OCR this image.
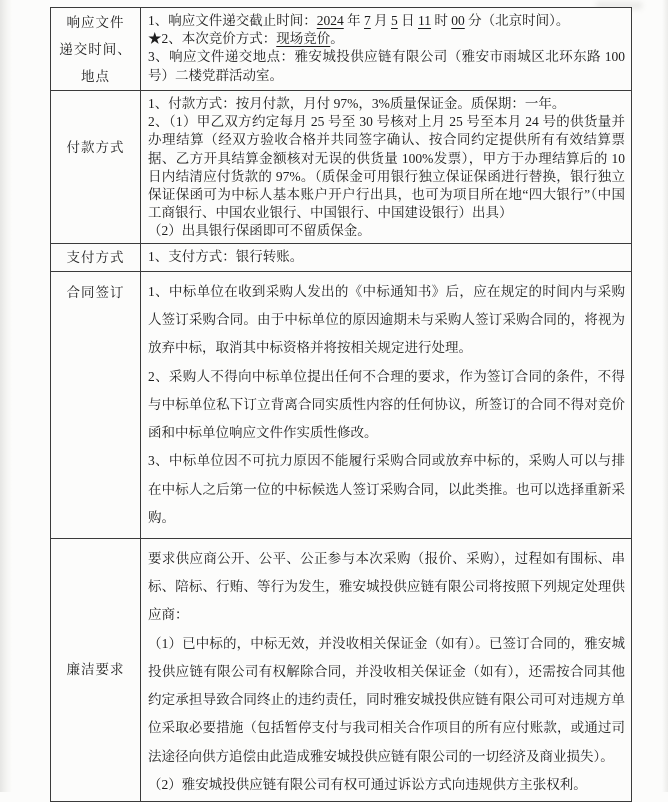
响应文件
递交时间、
地点

1、响应文件递交截止时间：2024 年 7 月 5 日 11 时 00 分（北京时间）。

★2、本次竞价方式：现场竞价。

3、响应文件递交地点：雅安城投供应链有限公司（雅安市雨城区北环东路 100 号）二楼党群活动室。

付款方式

1、付款方式：按月付款，月付 97%，3%质量保证金。质保期：一年。

2、（1）甲乙双方约定每月 25 号至 30 号核对上月 25 号至本月 24 号的供货量并办理结算（经双方验收合格并共同签字确认、按合同约定提供所有有效结算票据、乙方开具结算金额核对无误的供货量 100%发票），甲方于办理结算后的 10 日内结清应付货款的 97%。（质保金可用银行独立保证保函进行替换，银行独立保证保函可为中标人基本账户开户行出具，也可为项目所在地“四大银行”（中国工商银行、中国农业银行、中国银行、中国建设银行）出具）

（2）出具银行保函即可不留质保金。

支付方式 1、支付方式：银行转账。

合同签订 1、中标单位在收到采购人发出的《中标通知书》后，应在规定的时间内与采购人签订采购合同。由于中标单位的原因逾期未与采购人签订采购合同的，将视为放弃中标，取消其中标资格并将按相关规定进行处理。

2、采购人不得向中标单位提出任何不合理的要求，作为签订合同的条件，不得与中标单位私下订立背离合同实质性内容的任何协议，所签订的合同不得对竞价函和中标单位响应文件作实质性修改。

3、中标单位因不可抗力原因不能履行采购合同或放弃中标的，采购人可以与排在中标人之后第一位的中标候选人签订采购合同，以此类推。也可以选择重新采购。

廉洁要求

要求供应商公开、公平、公正参与本次采购（报价、采购），过程如有围标、串标、陪标、行贿、等行为发生，雅安城投供应链有限公司将按照下列规定处理供应商：

（1）已中标的，中标无效，并没收相关保证金（如有）。已签订合同的，雅安城投供应链有限公司有权解除合同，并没收相关保证金（如有），还需按合同其他约定承担导致合同终止的违约责任，同时雅安城投供应链有限公司可对违规方单位采取必要措施（包括暂停支付与我司相关合作项目的所有应付账款，或通过司法途径向供方追偿由此造成雅安城投供应链有限公司的一切经济及商业损失）。

（2）雅安城投供应链有限公司有权可通过诉讼方式向违规供方主张权利。
